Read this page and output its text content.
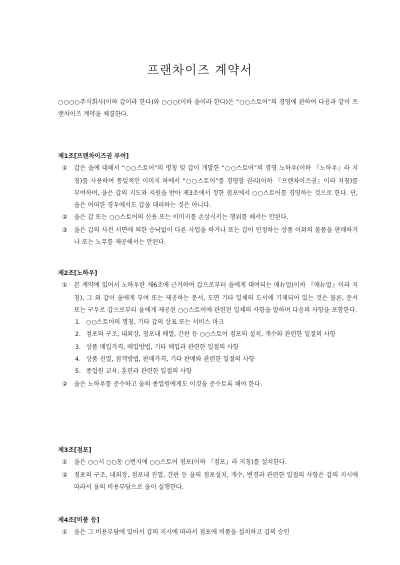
프랜차이즈 계약서
○○○○주식회사(이하 갑이라 한다)와 ○○○(이하 을이라 한다)은 “○○스토어”의 경영에 관하여 다음과 같이 프랜차이즈 계약을 체결한다.
제1조[프랜차이즈권 부여]
① 갑은 을에 대해서 “○○스토어”의 명칭 및 갑이 개발한 “○○스토어”의 경영 노하우(이하 『노하우』라 지칭)를 사용하여 통일적인 이미지 하에서 “○○스토어”를 경영할 권리(이하 『프랜차이즈권』이라 지칭)를 부여하며, 을은 갑의 지도와 지원을 받아 제3조에서 정한 점포에서 ○○스토어를 경영하는 것으로 한다. 단, 을은 어떠한 경우에서도 갑을 대리하는 것은 아니다.
② 을은 갑 또는 ○○스토어의 신용 또는 이미지를 손상시키는 행위를 해서는 안된다.
③ 을은 갑의 사전 서면에 의한 승낙없이 다른 사업을 하거나 또는 갑이 인정하는 상품 이외의 물품을 판매하거나 또는 노무를 제공해서는 안된다.
제2조[노하우]
① 본 계약에 있어서 노하우란 제6조에 근거하여 갑으로부터 을에게 대여되는 매뉴얼(이하 『매뉴얼』이라 지칭), 그 외 갑이 을에게 부여 또는 제공하는 문서, 도면 기타 일체의 도서에 기재되어 있는 것은 물론, 문서 또는 구두로 갑으로부터 을에게 제공된 ○○스토어에 관련된 일체의 사항을 말하며 다음의 사항을 포함한다.
1. ○○스토어의 명칭, 기타 갑의 상표 또는 서비스 마크
2. 점포의 구조, 내외장, 점포내 배열, 간판 등 ○○스토어 점포의 설치, 개수와 관련한 일절의 사항
3. 상품 매입가격, 매입방법, 기타 매입과 관련한 일절의 사항
4. 상품 진열, 점객방법, 판매가격, 기타 판매와 관련한 일절의 사항
5. 종업원 교육, 훈련과 관련한 일절의 사항
② 을은 노하우를 준수하고 을의 종업원에게도 이것을 준수토록 해야 한다.
제3조[점포]
① 을은 ○○시 ○○동 ○번지에 ○○스토어 점포(이하 『점포』라 지칭)를 설치한다.
② 점포의 구조, 내외장, 점포내 진열, 간판 등 을의 점포설치, 개수, 변경과 관련한 일절의 사항은 갑의 지시에 따라서 을의 비용부담으로 을이 실행한다.
제4조[비품 등]
① 을은 그 비용부담에 있어서 갑의 지시에 따라서 점포에 비품을 설치하고 갑의 승인
